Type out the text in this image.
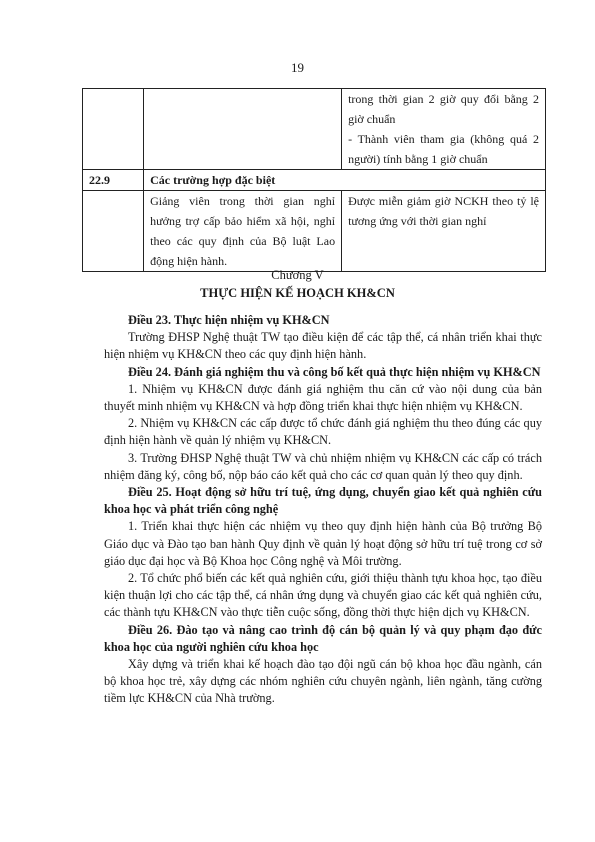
19
		trong thời gian 2 giờ quy đổi bằng 2 giờ chuẩn
- Thành viên tham gia (không quá 2 người) tính bằng 1 giờ chuẩn
22.9	Các trường hợp đặc biệt	
	Giảng viên trong thời gian nghỉ hưởng trợ cấp bảo hiểm xã hội, nghỉ theo các quy định của Bộ luật Lao động hiện hành.	Được miễn giảm giờ NCKH theo tỷ lệ tương ứng với thời gian nghỉ
Chương V
THỰC HIỆN KẾ HOẠCH KH&CN

Điều 23. Thực hiện nhiệm vụ KH&CN

Trường ĐHSP Nghệ thuật TW tạo điều kiện để các tập thể, cá nhân triển khai thực hiện nhiệm vụ KH&CN theo các quy định hiện hành.

Điều 24. Đánh giá nghiệm thu và công bố kết quả thực hiện nhiệm vụ KH&CN

1. Nhiệm vụ KH&CN được đánh giá nghiệm thu căn cứ vào nội dung của bản thuyết minh nhiệm vụ KH&CN và hợp đồng triển khai thực hiện nhiệm vụ KH&CN.

2. Nhiệm vụ KH&CN các cấp được tổ chức đánh giá nghiệm thu theo đúng các quy định hiện hành về quản lý nhiệm vụ KH&CN.

3. Trường ĐHSP Nghệ thuật TW và chủ nhiệm nhiệm vụ KH&CN các cấp có trách nhiệm đăng ký, công bố, nộp báo cáo kết quả cho các cơ quan quản lý theo quy định.

Điều 25. Hoạt động sở hữu trí tuệ, ứng dụng, chuyển giao kết quả nghiên cứu khoa học và phát triển công nghệ

1. Triển khai thực hiện các nhiệm vụ theo quy định hiện hành của Bộ trưởng Bộ Giáo dục và Đào tạo ban hành Quy định về quản lý hoạt động sở hữu trí tuệ trong cơ sở giáo dục đại học và Bộ Khoa học Công nghệ và Môi trường.

2. Tổ chức phổ biến các kết quả nghiên cứu, giới thiệu thành tựu khoa học, tạo điều kiện thuận lợi cho các tập thể, cá nhân ứng dụng và chuyển giao các kết quả nghiên cứu, các thành tựu KH&CN vào thực tiễn cuộc sống, đồng thời thực hiện dịch vụ KH&CN.

Điều 26. Đào tạo và nâng cao trình độ cán bộ quản lý và quy phạm đạo đức khoa học của người nghiên cứu khoa học

Xây dựng và triển khai kế hoạch đào tạo đội ngũ cán bộ khoa học đầu ngành, cán bộ khoa học trẻ, xây dựng các nhóm nghiên cứu chuyên ngành, liên ngành, tăng cường tiềm lực KH&CN của Nhà trường.
